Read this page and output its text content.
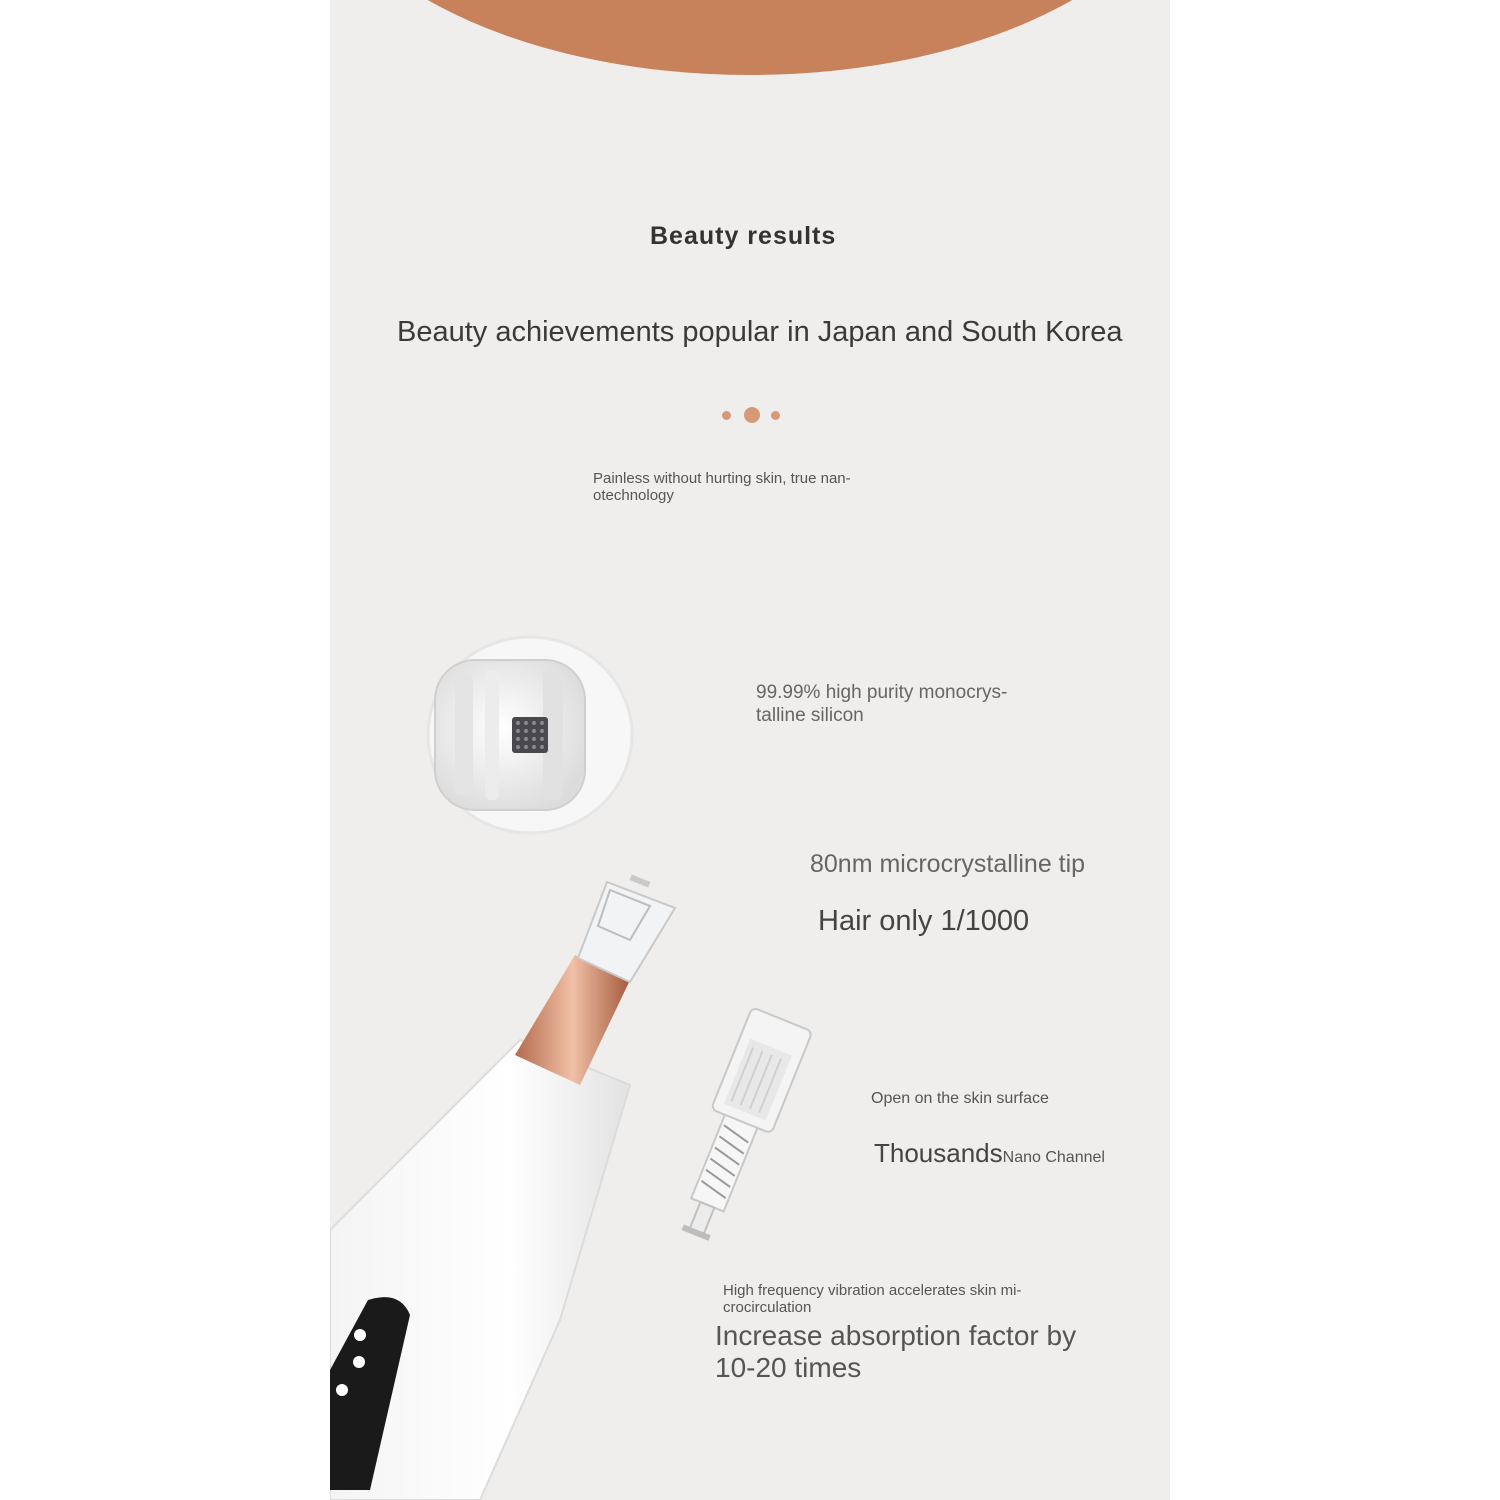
Beauty results
Beauty achievements popular in Japan and South Korea
Painless without hurting skin, true nan-otechnology
99.99% high purity monocrys-talline silicon
80nm microcrystalline tip
Hair only 1/1000
Open on the skin surface
ThousandsNano Channel
High frequency vibration accelerates skin mi-crocirculation
Increase absorption factor by 10-20 times
